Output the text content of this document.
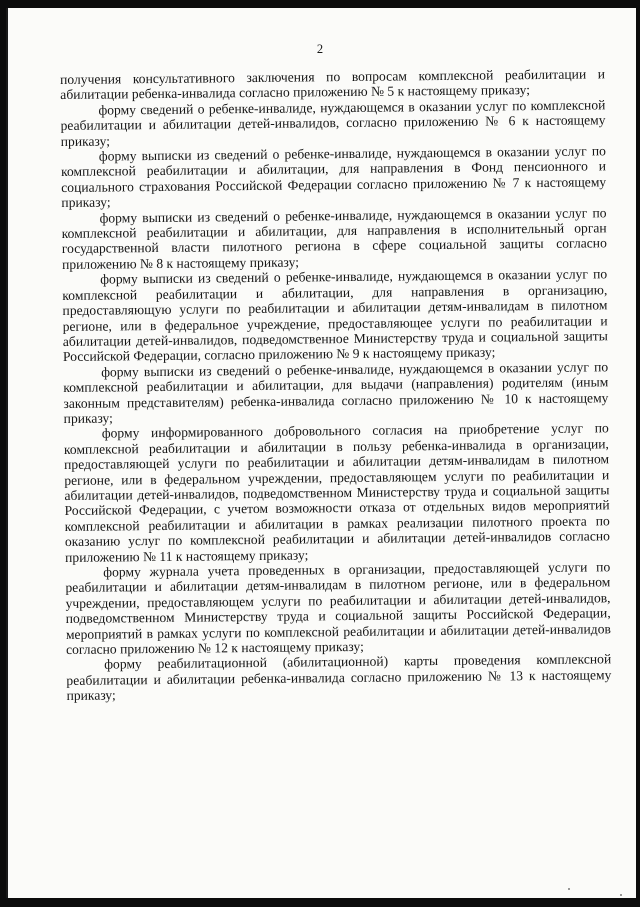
2

получения консультативного заключения по вопросам комплексной реабилитации и абилитации ребенка-инвалида согласно приложению № 5 к настоящему приказу;

форму сведений о ребенке-инвалиде, нуждающемся в оказании услуг по комплексной реабилитации и абилитации детей-инвалидов, согласно приложению № 6 к настоящему приказу;

форму выписки из сведений о ребенке-инвалиде, нуждающемся в оказании услуг по комплексной реабилитации и абилитации, для направления в Фонд пенсионного и социального страхования Российской Федерации согласно приложению № 7 к настоящему приказу;

форму выписки из сведений о ребенке-инвалиде, нуждающемся в оказании услуг по комплексной реабилитации и абилитации, для направления в исполнительный орган государственной власти пилотного региона в сфере социальной защиты согласно приложению № 8 к настоящему приказу;

форму выписки из сведений о ребенке-инвалиде, нуждающемся в оказании услуг по комплексной реабилитации и абилитации, для направления в организацию, предоставляющую услуги по реабилитации и абилитации детям-инвалидам в пилотном регионе, или в федеральное учреждение, предоставляющее услуги по реабилитации и абилитации детей-инвалидов, подведомственное Министерству труда и социальной защиты Российской Федерации, согласно приложению № 9 к настоящему приказу;

форму выписки из сведений о ребенке-инвалиде, нуждающемся в оказании услуг по комплексной реабилитации и абилитации, для выдачи (направления) родителям (иным законным представителям) ребенка-инвалида согласно приложению № 10 к настоящему приказу;

форму информированного добровольного согласия на приобретение услуг по комплексной реабилитации и абилитации в пользу ребенка-инвалида в организации, предоставляющей услуги по реабилитации и абилитации детям-инвалидам в пилотном регионе, или в федеральном учреждении, предоставляющем услуги по реабилитации и абилитации детей-инвалидов, подведомственном Министерству труда и социальной защиты Российской Федерации, с учетом возможности отказа от отдельных видов мероприятий комплексной реабилитации и абилитации в рамках реализации пилотного проекта по оказанию услуг по комплексной реабилитации и абилитации детей-инвалидов согласно приложению № 11 к настоящему приказу;

форму журнала учета проведенных в организации, предоставляющей услуги по реабилитации и абилитации детям-инвалидам в пилотном регионе, или в федеральном учреждении, предоставляющем услуги по реабилитации и абилитации детей-инвалидов, подведомственном Министерству труда и социальной защиты Российской Федерации, мероприятий в рамках услуги по комплексной реабилитации и абилитации детей-инвалидов согласно приложению № 12 к настоящему приказу;

форму реабилитационной (абилитационной) карты проведения комплексной реабилитации и абилитации ребенка-инвалида согласно приложению № 13 к настоящему приказу;
